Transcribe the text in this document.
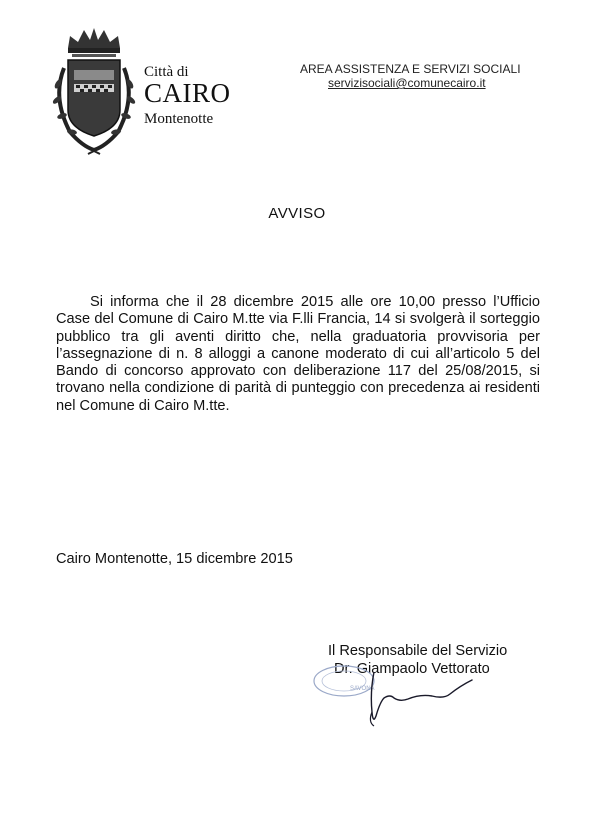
Città di
CAIRO
Montenotte
AREA ASSISTENZA E SERVIZI SOCIALI
servizisociali@comunecairo.it
AVVISO

Si informa che il 28 dicembre 2015 alle ore 10,00 presso l’Ufficio Case del Comune di Cairo M.tte via F.lli Francia, 14 si svolgerà il sorteggio pubblico tra gli aventi diritto che, nella graduatoria provvisoria per l’assegnazione di n. 8 alloggi a canone moderato di cui all’articolo 5 del Bando di concorso approvato con deliberazione 117 del 25/08/2015, si trovano nella condizione di parità di punteggio con precedenza ai residenti nel Comune di Cairo M.tte.

Cairo Montenotte, 15 dicembre 2015
Il Responsabile del Servizio
Dr. Giampaolo Vettorato
SAVONA
